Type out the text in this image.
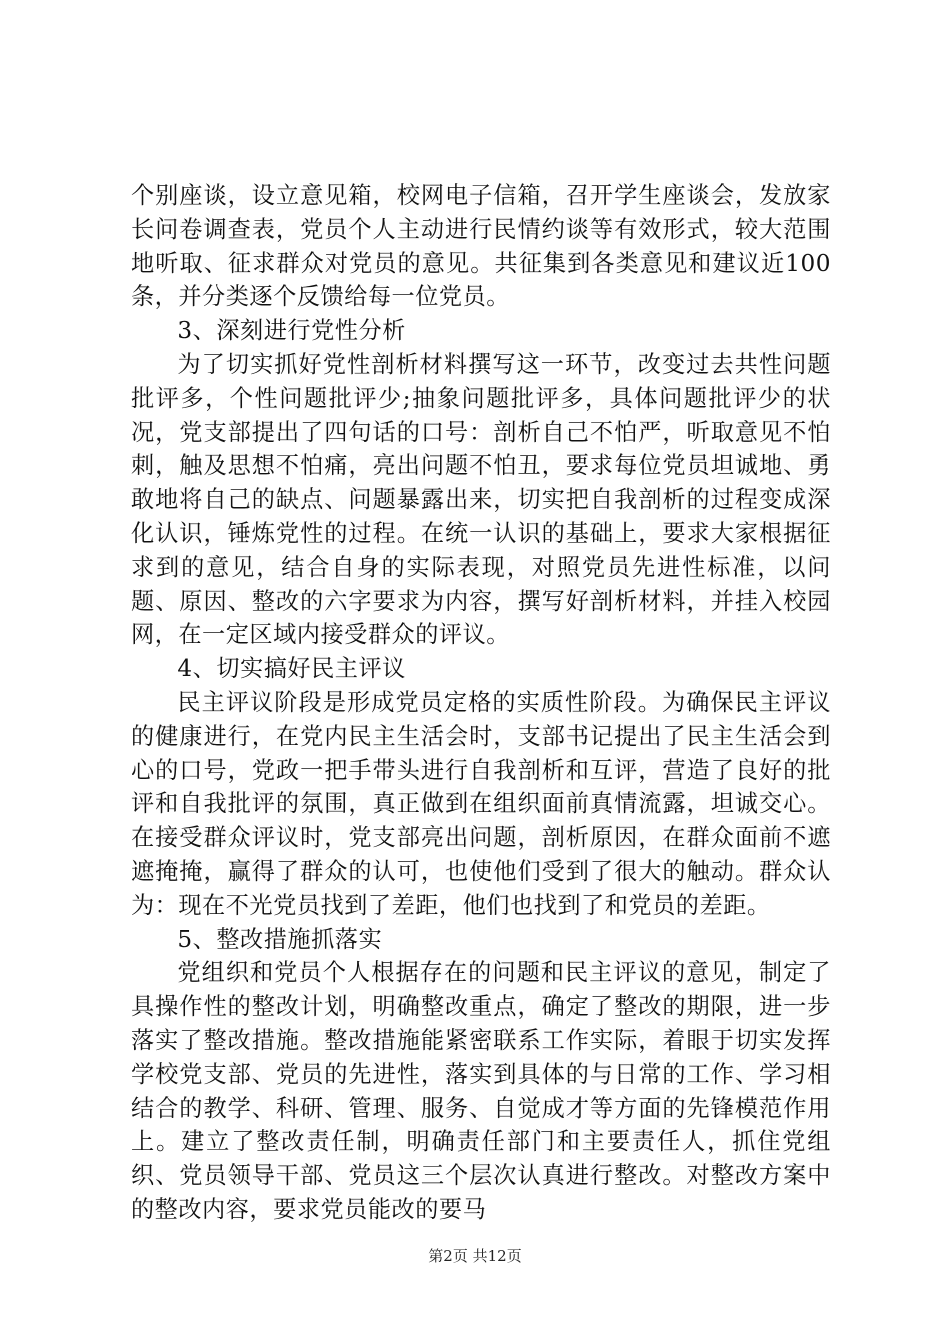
个别座谈，设立意见箱，校网电子信箱，召开学生座谈会，发放家长问卷调查表，党员个人主动进行民情约谈等有效形式，较大范围地听取、征求群众对党员的意见。共征集到各类意见和建议近100条，并分类逐个反馈给每一位党员。

3、深刻进行党性分析

为了切实抓好党性剖析材料撰写这一环节，改变过去共性问题批评多，个性问题批评少;抽象问题批评多，具体问题批评少的状况，党支部提出了四句话的口号：剖析自己不怕严，听取意见不怕刺，触及思想不怕痛，亮出问题不怕丑，要求每位党员坦诚地、勇敢地将自己的缺点、问题暴露出来，切实把自我剖析的过程变成深化认识，锤炼党性的过程。在统一认识的基础上，要求大家根据征求到的意见，结合自身的实际表现，对照党员先进性标准，以问题、原因、整改的六字要求为内容，撰写好剖析材料，并挂入校园网，在一定区域内接受群众的评议。

4、切实搞好民主评议

民主评议阶段是形成党员定格的实质性阶段。为确保民主评议的健康进行，在党内民主生活会时，支部书记提出了民主生活会到心的口号，党政一把手带头进行自我剖析和互评，营造了良好的批评和自我批评的氛围，真正做到在组织面前真情流露，坦诚交心。在接受群众评议时，党支部亮出问题，剖析原因，在群众面前不遮遮掩掩，赢得了群众的认可，也使他们受到了很大的触动。群众认为：现在不光党员找到了差距，他们也找到了和党员的差距。

5、整改措施抓落实

党组织和党员个人根据存在的问题和民主评议的意见，制定了具操作性的整改计划，明确整改重点，确定了整改的期限，进一步落实了整改措施。整改措施能紧密联系工作实际，着眼于切实发挥学校党支部、党员的先进性，落实到具体的与日常的工作、学习相结合的教学、科研、管理、服务、自觉成才等方面的先锋模范作用上。建立了整改责任制，明确责任部门和主要责任人，抓住党组织、党员领导干部、党员这三个层次认真进行整改。对整改方案中的整改内容，要求党员能改的要马

第2页 共12页
